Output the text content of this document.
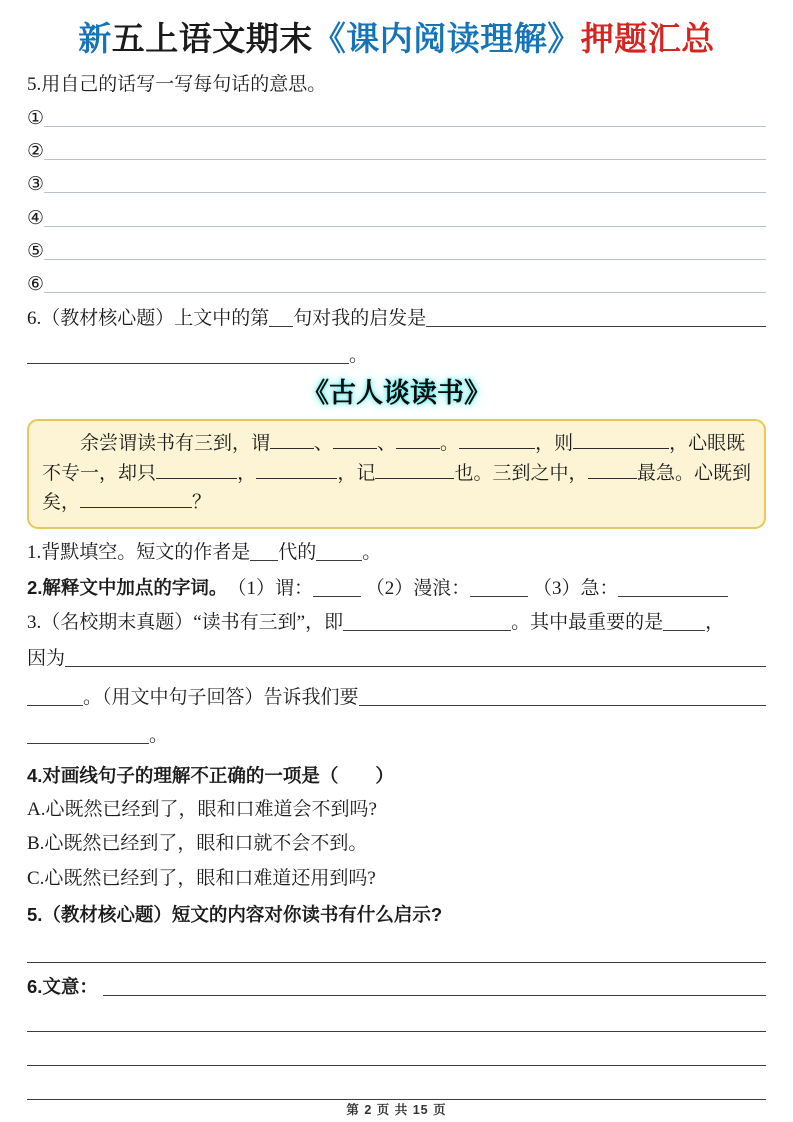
新五上语文期末《课内阅读理解》押题汇总
5.用自己的话写一写每句话的意思。
①

②

③

④

⑤

⑥

6.（教材核心题）上文中的第
句对我的启发是

。
《古人谈读书》
余尝谓读书有三到，谓
、
、
。
	，则
	，心眼既
不专一，却只
	，
	，记
	也。三到之中，
	最急。心既到
矣，
	？
1.背默填空。短文的作者是
代的
。
2.解释文中加点的字词。 （1）谓：
	（2）漫浪：
	（3）急：

3.（名校期末真题）“读书有三到”，即
	。其中最重要的是
，
因为

。（用文中句子回答）告诉我们要

。
4.对画线句子的理解不正确的一项是（　　）
A.心既然已经到了，眼和口难道会不到吗?
B.心既然已经到了，眼和口就不会不到。
C.心既然已经到了，眼和口难道还用到吗?
5.（教材核心题）短文的内容对你读书有什么启示?

6.文意：

第 2 页 共 15 页
